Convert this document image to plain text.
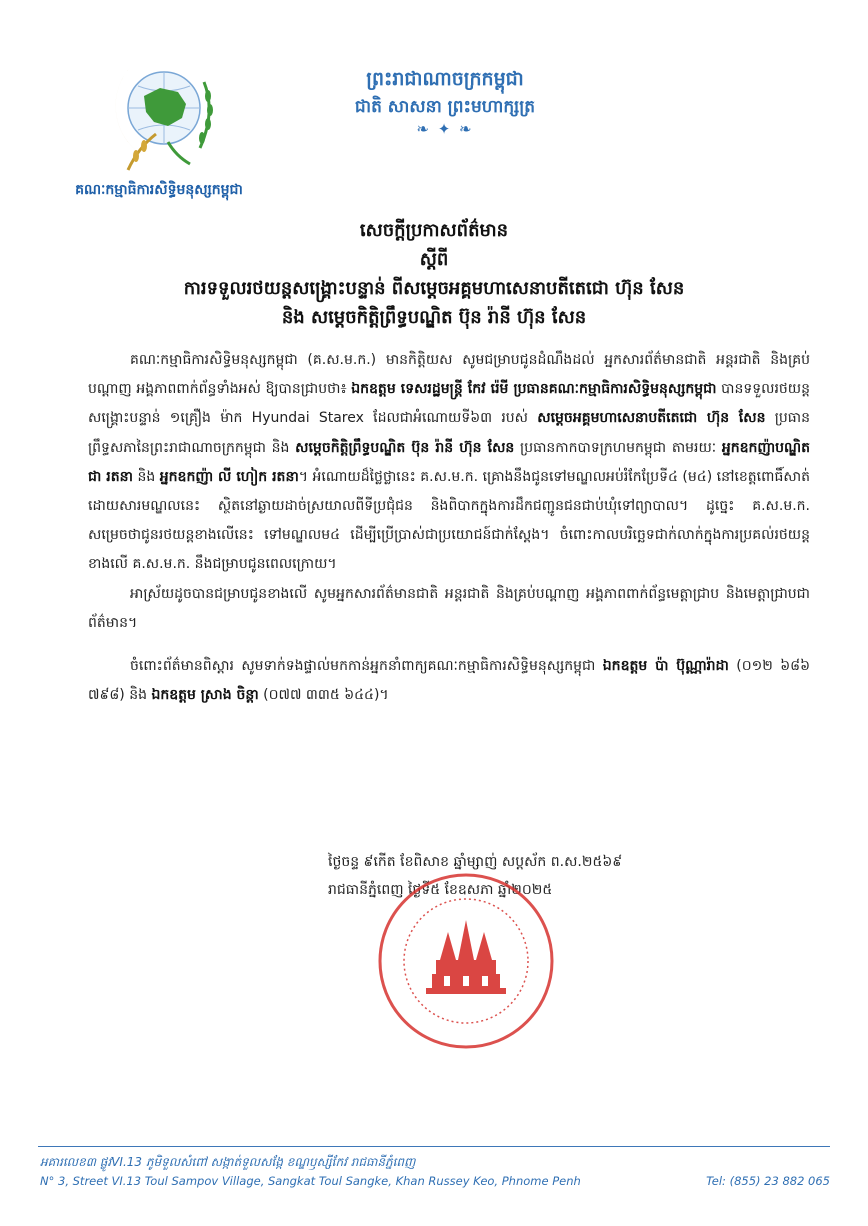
គណៈកម្មាធិការសិទ្ធិមនុស្សកម្ពុជា
ព្រះរាជាណាចក្រកម្ពុជា
ជាតិ សាសនា ព្រះមហាក្សត្រ
❧ ✦ ❧
សេចក្ដីប្រកាសព័ត៌មាន
ស្ដីពី
ការទទួលរថយន្តសង្គ្រោះបន្ទាន់ ពីសម្ដេចអគ្គមហាសេនាបតីតេជោ ហ៊ុន សែន
និង សម្ដេចកិត្តិព្រឹទ្ធបណ្ឌិត ប៊ុន រ៉ានី ហ៊ុន សែន

គណៈកម្មាធិការសិទ្ធិមនុស្សកម្ពុជា (គ.ស.ម.ក.) មានកិត្តិយស សូមជម្រាបជូនដំណឹងដល់ អ្នកសារព័ត៌មានជាតិ អន្តរជាតិ និងគ្រប់បណ្ដាញ អង្គភាពពាក់ព័ន្ធទាំងអស់ ឱ្យបានជ្រាបថា៖ ឯកឧត្ដម ទេសរដ្ឋមន្ត្រី កែវ រ៉េមី ប្រធានគណៈកម្មាធិការសិទ្ធិមនុស្សកម្ពុជា បានទទួលរថយន្តសង្គ្រោះបន្ទាន់ ១គ្រឿង ម៉ាក Hyundai Starex ដែលជាអំណោយទី៦៣ របស់ សម្ដេចអគ្គមហាសេនាបតីតេជោ ហ៊ុន សែន ប្រធានព្រឹទ្ធសភានៃព្រះរាជាណាចក្រកម្ពុជា និង សម្ដេចកិត្តិព្រឹទ្ធបណ្ឌិត ប៊ុន រ៉ានី ហ៊ុន សែន ប្រធានកាកបាទក្រហមកម្ពុជា តាមរយៈ អ្នកឧកញ៉ាបណ្ឌិត ជា រតនា និង អ្នកឧកញ៉ា លី ហៀក រតនា។ អំណោយដ៏ថ្លៃថ្លានេះ គ.ស.ម.ក. គ្រោងនឹងជូនទៅមណ្ឌលអប់រំកែប្រែទី៤ (ម៤) នៅខេត្តពោធិ៍សាត់ ដោយសារមណ្ឌលនេះ ស្ថិតនៅឆ្ងាយដាច់ស្រយាលពីទីប្រជុំជន និងពិបាកក្នុងការដឹកជញ្ជូនជនជាប់ឃុំទៅព្យាបាល។ ដូច្នេះ គ.ស.ម.ក. សម្រេចថាជូនរថយន្តខាងលើនេះ ទៅមណ្ឌលម៤ ដើម្បីប្រើប្រាស់ជាប្រយោជន៍ជាក់ស្ដែង។ ចំពោះកាលបរិច្ឆេទជាក់លាក់ក្នុងការប្រគល់រថយន្តខាងលើ គ.ស.ម.ក. នឹងជម្រាបជូនពេលក្រោយ។

អាស្រ័យដូចបានជម្រាបជូនខាងលើ សូមអ្នកសារព័ត៌មានជាតិ អន្តរជាតិ និងគ្រប់បណ្ដាញ អង្គភាពពាក់ព័ន្ធមេត្តាជ្រាប និងមេត្តាជ្រាបជាព័ត៌មាន។

ចំពោះព័ត៌មានពិស្ដារ សូមទាក់ទងផ្ទាល់មកកាន់អ្នកនាំពាក្យគណៈកម្មាធិការសិទ្ធិមនុស្សកម្ពុជា ឯកឧត្ដម ប៉ា ប៊ុណ្ណារ៉ាដា (០១២ ៦៨៦ ៧៩៨) និង ឯកឧត្ដម ស្រាង ចិន្ដា (០៧៧ ៣៣៥ ៦៤៤)។

ថ្ងៃចន្ទ ៩កើត ខែពិសាខ ឆ្នាំម្សាញ់ សប្តស័ក ព.ស.២៥៦៩
រាជធានីភ្នំពេញ ថ្ងៃទី៥ ខែឧសភា ឆ្នាំ២០២៥
អគារលេខ៣ ផ្លូវVI.13 ភូមិទួលសំពៅ សង្កាត់ទួលសង្កែ ខណ្ឌឫស្សីកែវ រាជធានីភ្នំពេញ
N° 3, Street VI.13 Toul Sampov Village, Sangkat Toul Sangke, Khan Russey Keo, Phnome Penh	Tel: (855) 23 882 065
